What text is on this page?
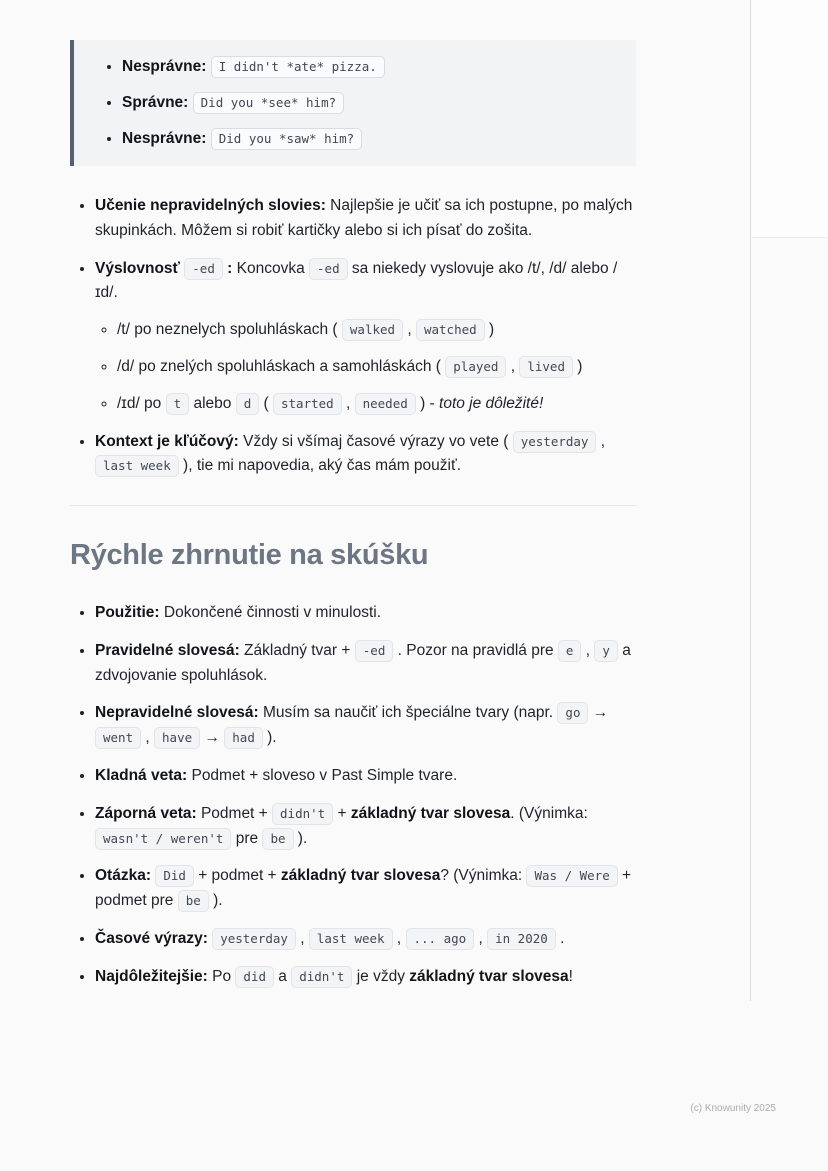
• Nesprávne: I didn't *ate* pizza.
• Správne: Did you *see* him?
• Nesprávne: Did you *saw* him?
• Učenie nepravidelných slovies: Najlepšie je učiť sa ich postupne, po malých skupinkách. Môžem si robiť kartičky alebo si ich písať do zošita.
• Výslovnosť -ed : Koncovka -ed sa niekedy vyslovuje ako /t/, /d/ alebo /ɪd/.
◦ /t/ po neznelych spoluhláskach ( walked , watched )
◦ /d/ po znelých spoluhláskach a samohláskách ( played , lived )
◦ /ɪd/ po t alebo d ( started , needed ) - toto je dôležité!
• Kontext je kľúčový: Vždy si všímaj časové výrazy vo vete ( yesterday , last week ), tie mi napovedia, aký čas mám použiť.
Rýchle zhrnutie na skúšku
• Použitie: Dokončené činnosti v minulosti.
• Pravidelné slovesá: Základný tvar + -ed . Pozor na pravidlá pre e , y a zdvojovanie spoluhlások.
• Nepravidelné slovesá: Musím sa naučiť ich špeciálne tvary (napr. go → went , have → had ).
• Kladná veta: Podmet + sloveso v Past Simple tvare.
• Záporná veta: Podmet + didn't + základný tvar slovesa. (Výnimka: wasn't / weren't pre be ).
• Otázka: Did + podmet + základný tvar slovesa? (Výnimka: Was / Were + podmet pre be ).
• Časové výrazy: yesterday , last week , ... ago , in 2020 .
• Najdôležitejšie: Po did a didn't je vždy základný tvar slovesa!
(c) Knowunity 2025
